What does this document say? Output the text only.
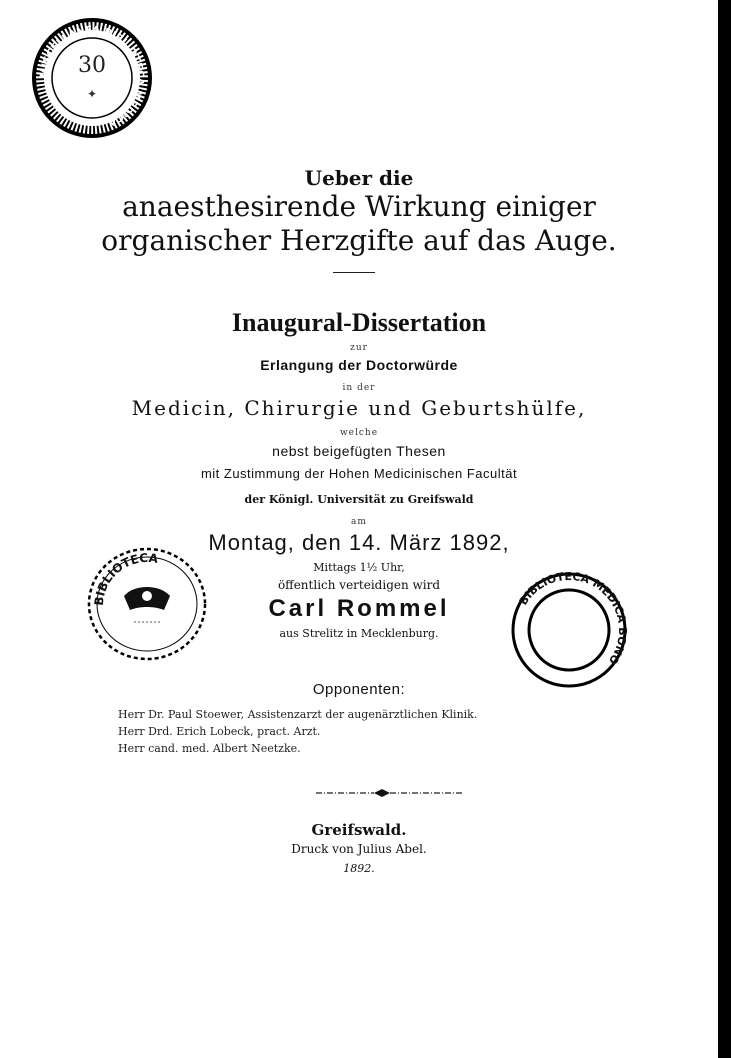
MISCELLANEA BIBLIOTECA MEDICA
30
✦
Ueber die
anaesthesirende Wirkung einiger
organischer Herzgifte auf das Auge.
Inaugural-Dissertation
zur
Erlangung der Doctorwürde
in der
Medicin, Chirurgie und Geburtshülfe,
welche
nebst beigefügten Thesen
mit Zustimmung der Hohen Medicinischen Facultät
der Königl. Universität zu Greifswald
am
Montag, den 14. März 1892,
Mittags 1½ Uhr,
öffentlich verteidigen wird
Carl Rommel
aus Strelitz in Mecklenburg.
BIBLIOTECA
BIBLIOTECA MEDICA BONO
Opponenten:
Herr Dr. Paul Stoewer, Assistenzarzt der augenärztlichen Klinik.
Herr Drd. Erich Lobeck, pract. Arzt.
Herr cand. med. Albert Neetzke.
Greifswald.
Druck von Julius Abel.
1892.
